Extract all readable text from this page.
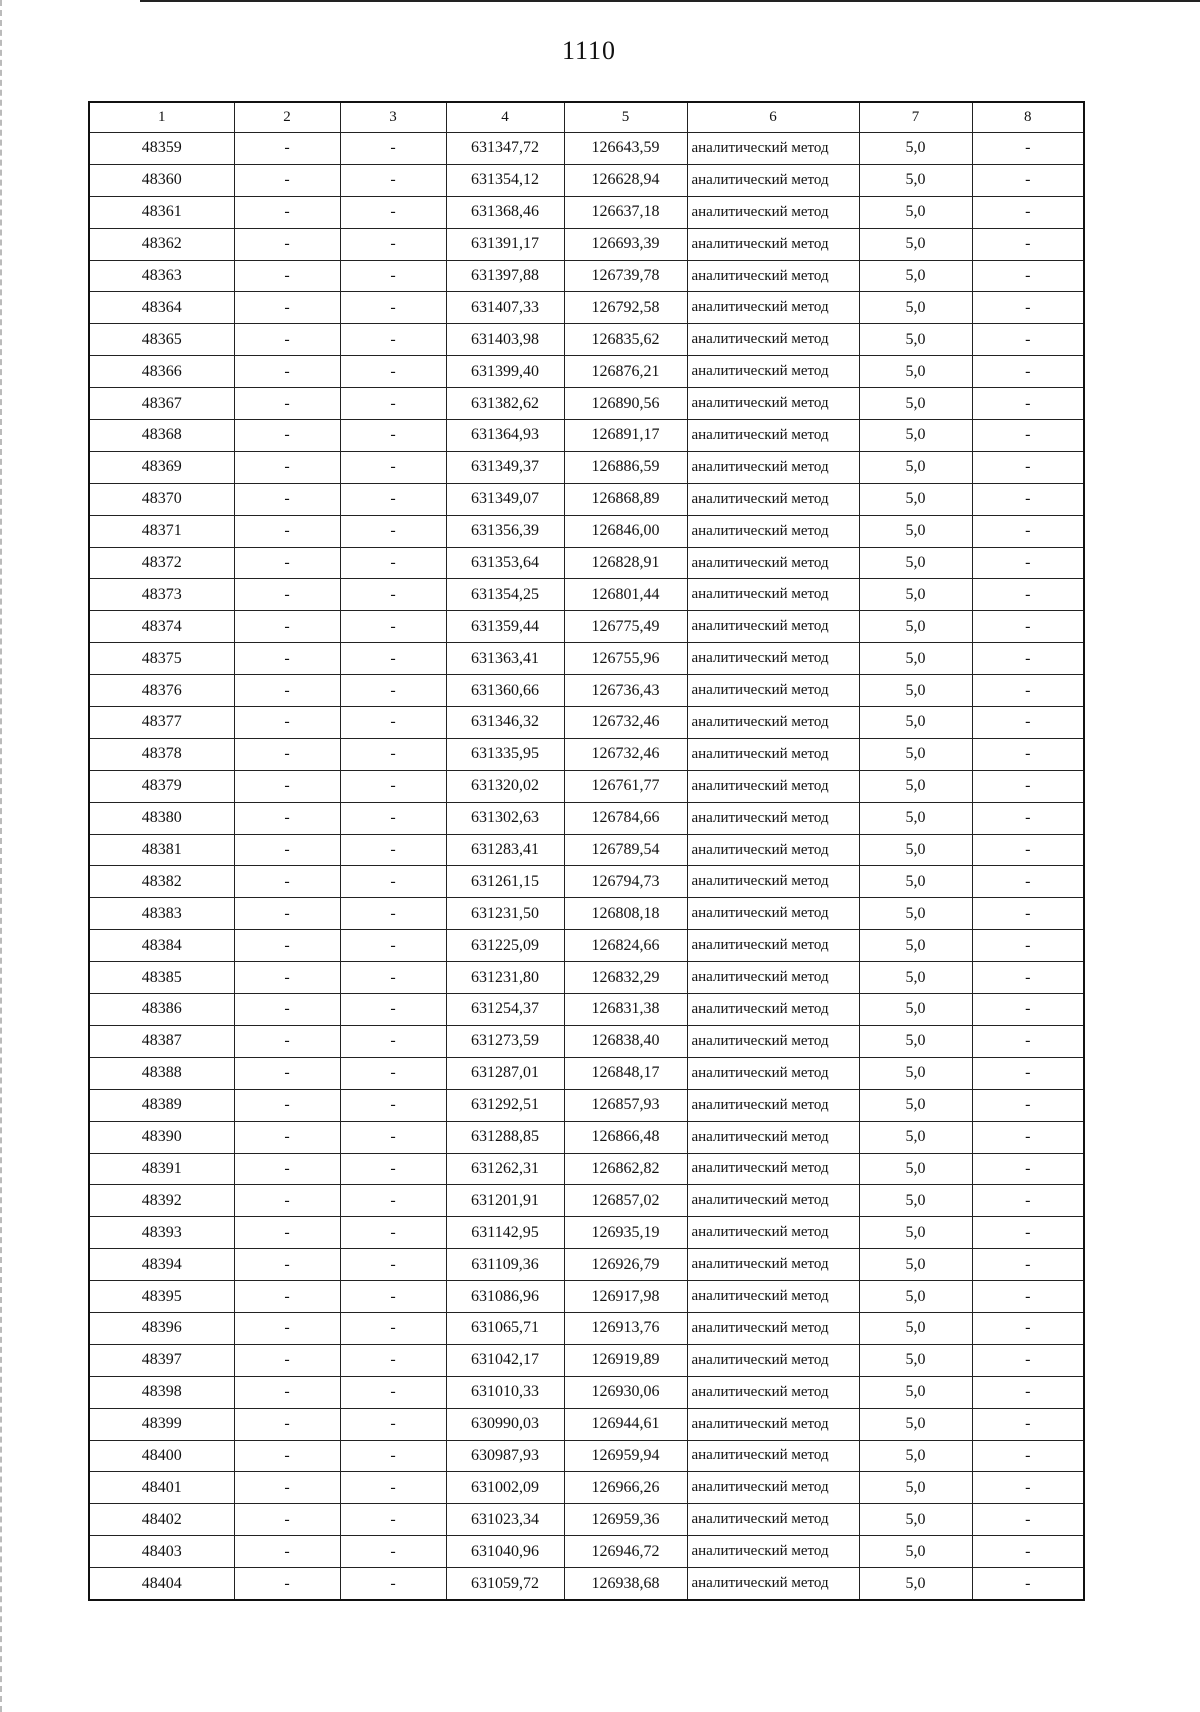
1110
1	2	3	4	5	6	7	8
48359	-	-	631347,72	126643,59	аналитический метод	5,0	-
48360	-	-	631354,12	126628,94	аналитический метод	5,0	-
48361	-	-	631368,46	126637,18	аналитический метод	5,0	-
48362	-	-	631391,17	126693,39	аналитический метод	5,0	-
48363	-	-	631397,88	126739,78	аналитический метод	5,0	-
48364	-	-	631407,33	126792,58	аналитический метод	5,0	-
48365	-	-	631403,98	126835,62	аналитический метод	5,0	-
48366	-	-	631399,40	126876,21	аналитический метод	5,0	-
48367	-	-	631382,62	126890,56	аналитический метод	5,0	-
48368	-	-	631364,93	126891,17	аналитический метод	5,0	-
48369	-	-	631349,37	126886,59	аналитический метод	5,0	-
48370	-	-	631349,07	126868,89	аналитический метод	5,0	-
48371	-	-	631356,39	126846,00	аналитический метод	5,0	-
48372	-	-	631353,64	126828,91	аналитический метод	5,0	-
48373	-	-	631354,25	126801,44	аналитический метод	5,0	-
48374	-	-	631359,44	126775,49	аналитический метод	5,0	-
48375	-	-	631363,41	126755,96	аналитический метод	5,0	-
48376	-	-	631360,66	126736,43	аналитический метод	5,0	-
48377	-	-	631346,32	126732,46	аналитический метод	5,0	-
48378	-	-	631335,95	126732,46	аналитический метод	5,0	-
48379	-	-	631320,02	126761,77	аналитический метод	5,0	-
48380	-	-	631302,63	126784,66	аналитический метод	5,0	-
48381	-	-	631283,41	126789,54	аналитический метод	5,0	-
48382	-	-	631261,15	126794,73	аналитический метод	5,0	-
48383	-	-	631231,50	126808,18	аналитический метод	5,0	-
48384	-	-	631225,09	126824,66	аналитический метод	5,0	-
48385	-	-	631231,80	126832,29	аналитический метод	5,0	-
48386	-	-	631254,37	126831,38	аналитический метод	5,0	-
48387	-	-	631273,59	126838,40	аналитический метод	5,0	-
48388	-	-	631287,01	126848,17	аналитический метод	5,0	-
48389	-	-	631292,51	126857,93	аналитический метод	5,0	-
48390	-	-	631288,85	126866,48	аналитический метод	5,0	-
48391	-	-	631262,31	126862,82	аналитический метод	5,0	-
48392	-	-	631201,91	126857,02	аналитический метод	5,0	-
48393	-	-	631142,95	126935,19	аналитический метод	5,0	-
48394	-	-	631109,36	126926,79	аналитический метод	5,0	-
48395	-	-	631086,96	126917,98	аналитический метод	5,0	-
48396	-	-	631065,71	126913,76	аналитический метод	5,0	-
48397	-	-	631042,17	126919,89	аналитический метод	5,0	-
48398	-	-	631010,33	126930,06	аналитический метод	5,0	-
48399	-	-	630990,03	126944,61	аналитический метод	5,0	-
48400	-	-	630987,93	126959,94	аналитический метод	5,0	-
48401	-	-	631002,09	126966,26	аналитический метод	5,0	-
48402	-	-	631023,34	126959,36	аналитический метод	5,0	-
48403	-	-	631040,96	126946,72	аналитический метод	5,0	-
48404	-	-	631059,72	126938,68	аналитический метод	5,0	-
